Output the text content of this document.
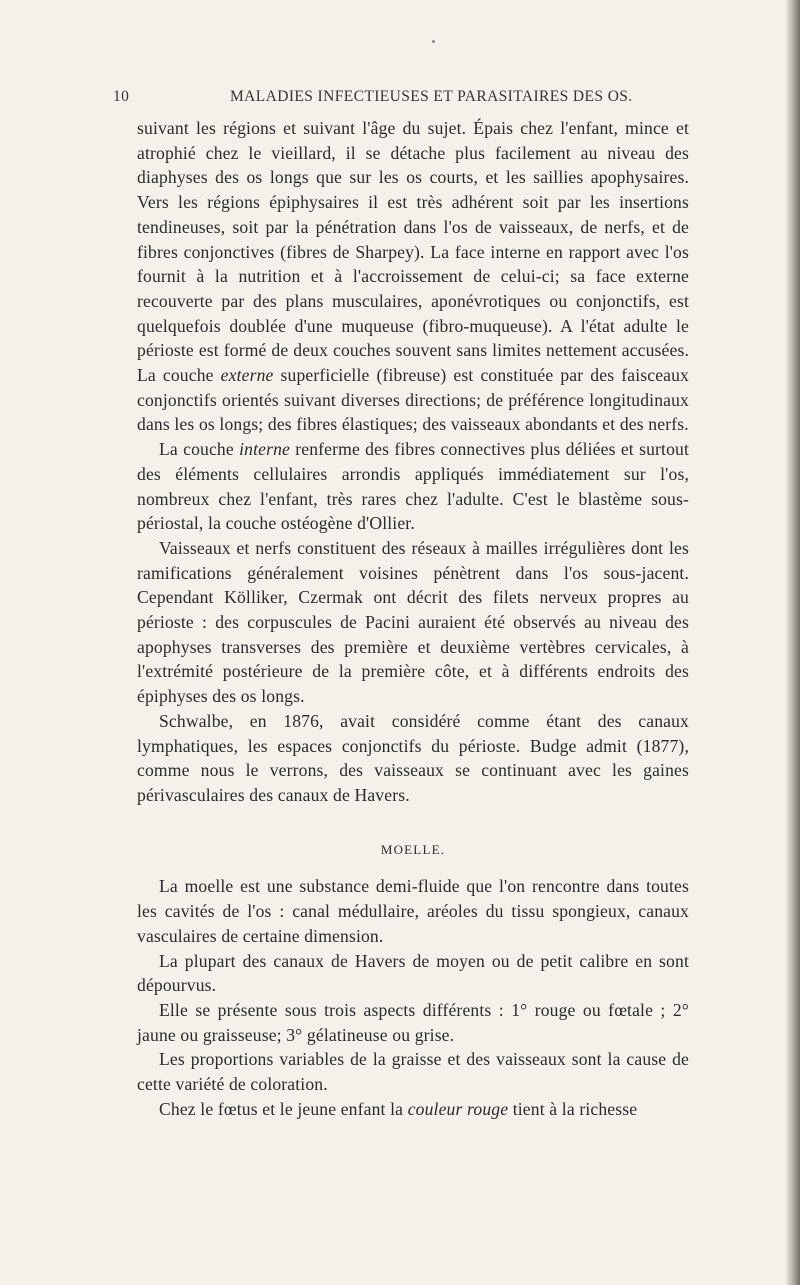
10	MALADIES INFECTIEUSES ET PARASITAIRES DES OS.

suivant les régions et suivant l'âge du sujet. Épais chez l'enfant, mince et atrophié chez le vieillard, il se détache plus facilement au niveau des diaphyses des os longs que sur les os courts, et les saillies apophysaires. Vers les régions épiphysaires il est très adhérent soit par les insertions tendineuses, soit par la pénétration dans l'os de vaisseaux, de nerfs, et de fibres conjonctives (fibres de Sharpey). La face interne en rapport avec l'os fournit à la nutrition et à l'accroissement de celui-ci; sa face externe recouverte par des plans musculaires, aponévrotiques ou conjonctifs, est quelquefois doublée d'une muqueuse (fibro-muqueuse). A l'état adulte le périoste est formé de deux couches souvent sans limites nettement accusées. La couche externe superficielle (fibreuse) est constituée par des faisceaux conjonctifs orientés suivant diverses directions; de préférence longitudinaux dans les os longs; des fibres élastiques; des vaisseaux abondants et des nerfs.

La couche interne renferme des fibres connectives plus déliées et surtout des éléments cellulaires arrondis appliqués immédiatement sur l'os, nombreux chez l'enfant, très rares chez l'adulte. C'est le blastème sous-périostal, la couche ostéogène d'Ollier.

Vaisseaux et nerfs constituent des réseaux à mailles irrégulières dont les ramifications généralement voisines pénètrent dans l'os sous-jacent. Cependant Kölliker, Czermak ont décrit des filets nerveux propres au périoste : des corpuscules de Pacini auraient été observés au niveau des apophyses transverses des première et deuxième vertèbres cervicales, à l'extrémité postérieure de la première côte, et à différents endroits des épiphyses des os longs.

Schwalbe, en 1876, avait considéré comme étant des canaux lymphatiques, les espaces conjonctifs du périoste. Budge admit (1877), comme nous le verrons, des vaisseaux se continuant avec les gaines périvasculaires des canaux de Havers.

MOELLE.

La moelle est une substance demi-fluide que l'on rencontre dans toutes les cavités de l'os : canal médullaire, aréoles du tissu spongieux, canaux vasculaires de certaine dimension.

La plupart des canaux de Havers de moyen ou de petit calibre en sont dépourvus.

Elle se présente sous trois aspects différents : 1° rouge ou fœtale ; 2° jaune ou graisseuse; 3° gélatineuse ou grise.

Les proportions variables de la graisse et des vaisseaux sont la cause de cette variété de coloration.

Chez le fœtus et le jeune enfant la couleur rouge tient à la richesse
